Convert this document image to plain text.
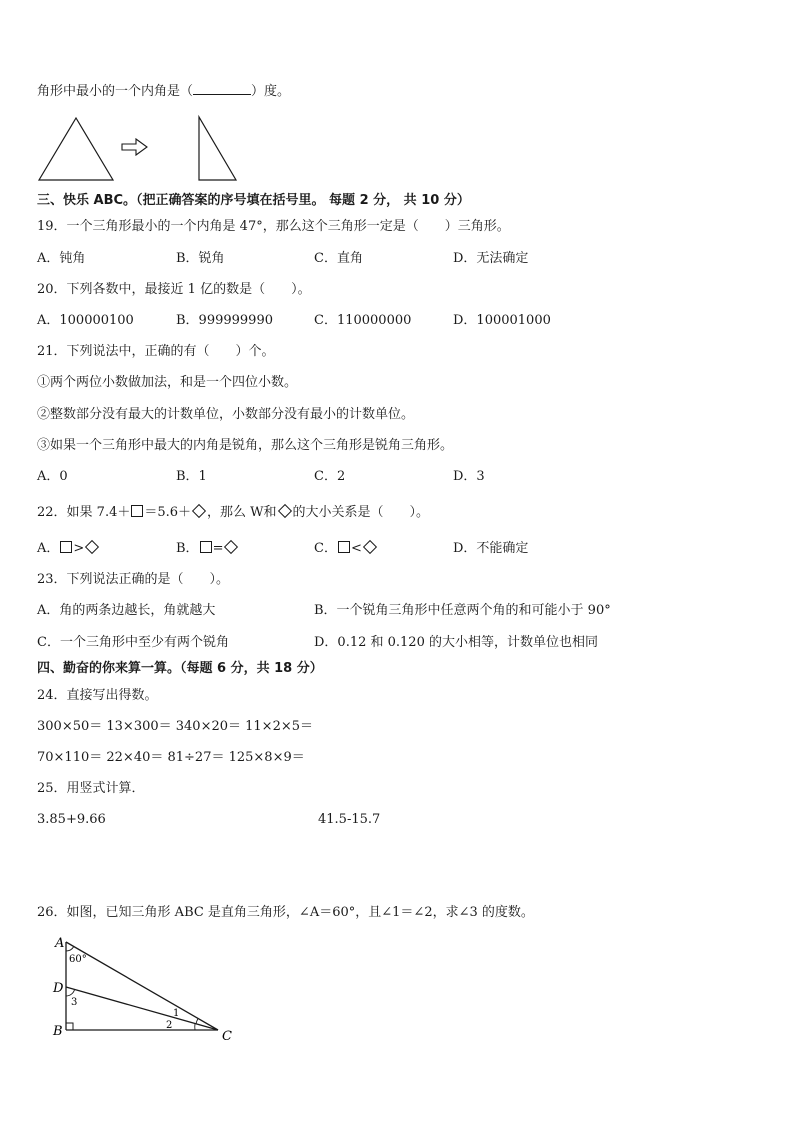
角形中最小的一个内角是（	）度。
三、快乐 ABC。（把正确答案的序号填在括号里。 每题 2 分， 共 10 分）
19．一个三角形最小的一个内角是 47°，那么这个三角形一定是（　　）三角形。
A．钝角	B．锐角	C．直角	D．无法确定
20．下列各数中，最接近 1 亿的数是（　　）。
A．100000100	B．999999990	C．110000000	D．100001000
21．下列说法中，正确的有（　　）个。
①两个两位小数做加法，和是一个四位小数。
②整数部分没有最大的计数单位，小数部分没有最小的计数单位。
③如果一个三角形中最大的内角是锐角，那么这个三角形是锐角三角形。
A．0	B．1	C．2	D．3
22．如果 7.4＋ ＝5.6＋ ，那么 W和 的大小关系是（　　）。
A． >	B． =	C． <	D．不能确定
23．下列说法正确的是（　　）。
A．角的两条边越长，角就越大	B．一个锐角三角形中任意两个角的和可能小于 90°
C．一个三角形中至少有两个锐角	D．0.12 和 0.120 的大小相等，计数单位也相同
四、勤奋的你来算一算。（每题 6 分，共 18 分）
24．直接写出得数。
300×50＝ 13×300＝ 340×20＝ 11×2×5＝
70×110＝ 22×40＝ 81÷27＝ 125×8×9＝
25．用竖式计算．
3.85+9.66	41.5-15.7
26．如图，已知三角形 ABC 是直角三角形，∠A＝60°，且∠1＝∠2，求∠3 的度数。
A
D
B	C
60°
3
1
2
